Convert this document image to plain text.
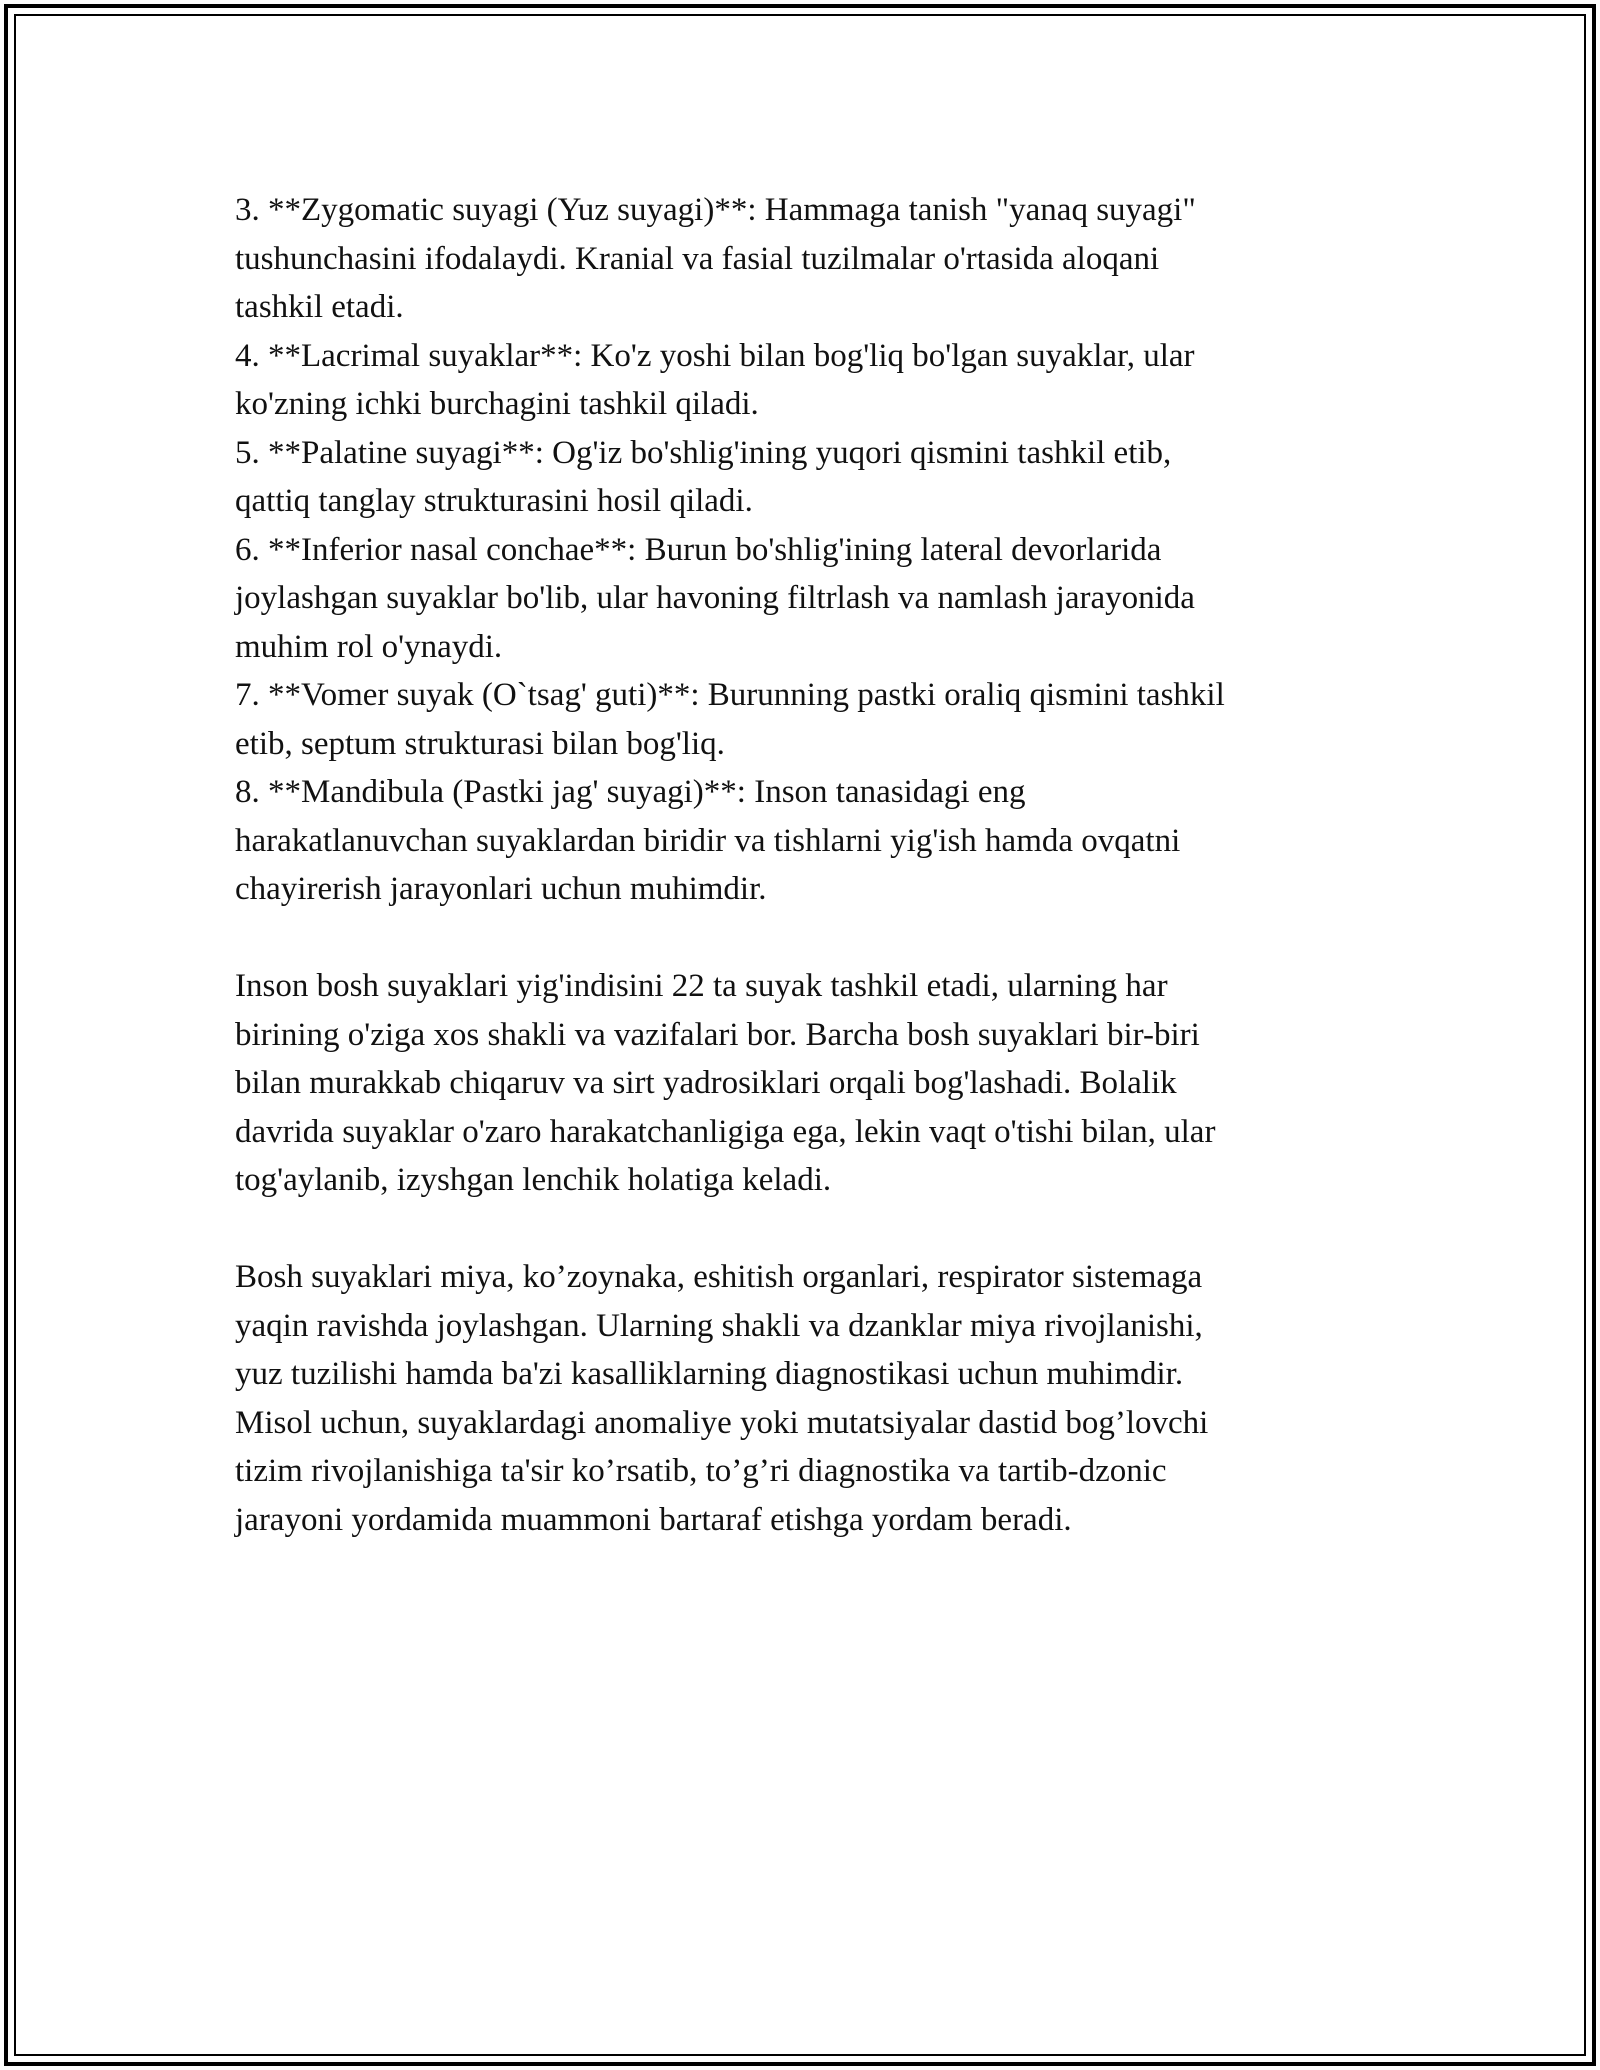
3. **Zygomatic suyagi (Yuz suyagi)**: Hammaga tanish "yanaq suyagi"
tushunchasini ifodalaydi. Kranial va fasial tuzilmalar o'rtasida aloqani
tashkil etadi.
4. **Lacrimal suyaklar**: Ko'z yoshi bilan bog'liq bo'lgan suyaklar, ular
ko'zning ichki burchagini tashkil qiladi.
5. **Palatine suyagi**: Og'iz bo'shlig'ining yuqori qismini tashkil etib,
qattiq tanglay strukturasini hosil qiladi.
6. **Inferior nasal conchae**: Burun bo'shlig'ining lateral devorlarida
joylashgan suyaklar bo'lib, ular havoning filtrlash va namlash jarayonida
muhim rol o'ynaydi.
7. **Vomer suyak (O`tsag' guti)**: Burunning pastki oraliq qismini tashkil
etib, septum strukturasi bilan bog'liq.
8. **Mandibula (Pastki jag' suyagi)**: Inson tanasidagi eng
harakatlanuvchan suyaklardan biridir va tishlarni yig'ish hamda ovqatni
chayirerish jarayonlari uchun muhimdir.
Inson bosh suyaklari yig'indisini 22 ta suyak tashkil etadi, ularning har
birining o'ziga xos shakli va vazifalari bor. Barcha bosh suyaklari bir-biri
bilan murakkab chiqaruv va sirt yadrosiklari orqali bog'lashadi. Bolalik
davrida suyaklar o'zaro harakatchanligiga ega, lekin vaqt o'tishi bilan, ular
tog'aylanib, izyshgan lenchik holatiga keladi.
Bosh suyaklari miya, ko’zoynaka, eshitish organlari, respirator sistemaga
yaqin ravishda joylashgan. Ularning shakli va dzanklar miya rivojlanishi,
yuz tuzilishi hamda ba'zi kasalliklarning diagnostikasi uchun muhimdir.
Misol uchun, suyaklardagi anomaliye yoki mutatsiyalar dastid bog’lovchi
tizim rivojlanishiga ta'sir ko’rsatib, to’g’ri diagnostika va tartib-dzonic
jarayoni yordamida muammoni bartaraf etishga yordam beradi.
